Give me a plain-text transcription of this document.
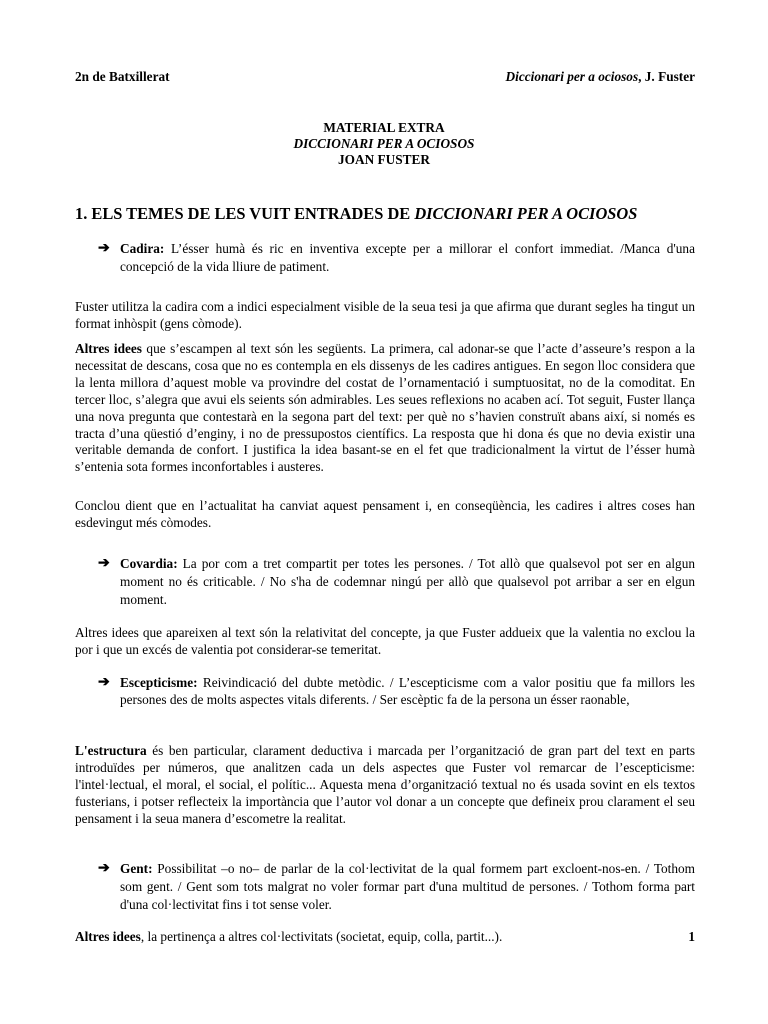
2n de Batxillerat	Diccionari per a ociosos, J. Fuster
MATERIAL EXTRA
DICCIONARI PER A OCIOSOS
JOAN FUSTER
1. ELS TEMES DE LES VUIT ENTRADES DE DICCIONARI PER A OCIOSOS
➔ Cadira: L’ésser humà és ric en inventiva excepte per a millorar el confort immediat. /Manca d'una concepció de la vida lliure de patiment.
Fuster utilitza la cadira com a indici especialment visible de la seua tesi ja que afirma que durant segles ha tingut un format inhòspit (gens còmode).
Altres idees que s’escampen al text són les següents. La primera, cal adonar-se que l’acte d’asseure’s respon a la necessitat de descans, cosa que no es contempla en els dissenys de les cadires antigues. En segon lloc considera que la lenta millora d’aquest moble va provindre del costat de l’ornamentació i sumptuositat, no de la comoditat. En tercer lloc, s’alegra que avui els seients són admirables. Les seues reflexions no acaben ací. Tot seguit, Fuster llança una nova pregunta que contestarà en la segona part del text: per què no s’havien construït abans així, si només es tracta d’una qüestió d’enginy, i no de pressupostos científics. La resposta que hi dona és que no devia existir una veritable demanda de confort. I justifica la idea basant-se en el fet que tradicionalment la virtut de l’ésser humà s’entenia sota formes inconfortables i austeres.
Conclou dient que en l’actualitat ha canviat aquest pensament i, en conseqüència, les cadires i altres coses han esdevingut més còmodes.
➔ Covardia: La por com a tret compartit per totes les persones. / Tot allò que qualsevol pot ser en algun moment no és criticable. / No s'ha de codemnar ningú per allò que qualsevol pot arribar a ser en elgun moment.
Altres idees que apareixen al text són la relativitat del concepte, ja que Fuster addueix que la valentia no exclou la por i que un excés de valentia pot considerar-se temeritat.
➔ Escepticisme: Reivindicació del dubte metòdic. / L’escepticisme com a valor positiu que fa millors les persones des de molts aspectes vitals diferents. / Ser escèptic fa de la persona un ésser raonable,
L'estructura és ben particular, clarament deductiva i marcada per l’organització de gran part del text en parts introduïdes per números, que analitzen cada un dels aspectes que Fuster vol remarcar de l’escepticisme: l'intel·lectual, el moral, el social, el polític... Aquesta mena d’organització textual no és usada sovint en els textos fusterians, i potser reflecteix la importància que l’autor vol donar a un concepte que defineix prou clarament el seu pensament i la seua manera d’escometre la realitat.
➔ Gent: Possibilitat –o no– de parlar de la col·lectivitat de la qual formem part excloent-nos-en. / Tothom som gent. / Gent som tots malgrat no voler formar part d'una multitud de persones. / Tothom forma part d'una col·lectivitat fins i tot sense voler.
Altres idees, la pertinença a altres col·lectivitats (societat, equip, colla, partit...).	1
